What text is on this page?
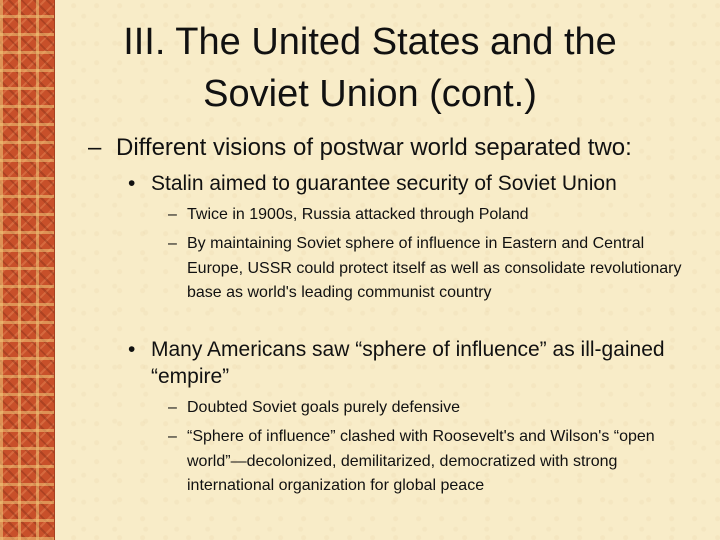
III. The United States and the
Soviet Union (cont.)
– Different visions of postwar world separated two:
• Stalin aimed to guarantee security of Soviet Union
– Twice in 1900s, Russia attacked through Poland
– By maintaining Soviet sphere of influence in Eastern and Central Europe, USSR could protect itself as well as consolidate revolutionary base as world's leading communist country
• Many Americans saw “sphere of influence” as ill-gained “empire”
– Doubted Soviet goals purely defensive
– “Sphere of influence” clashed with Roosevelt's and Wilson's “open world”—decolonized, demilitarized, democratized with strong international organization for global peace
